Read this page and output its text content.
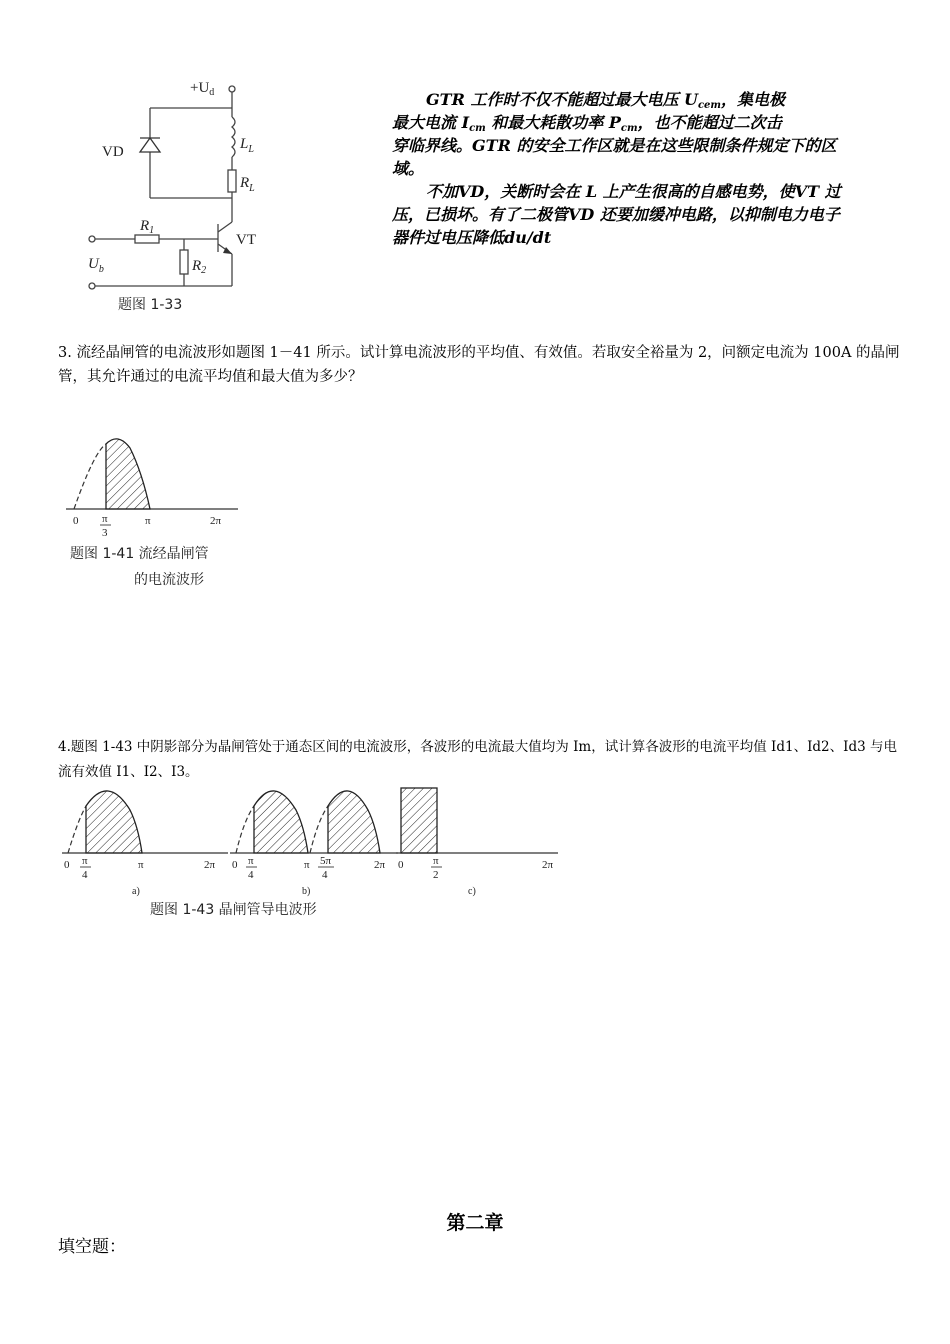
$+U_d$
VD	$L_L$
$R_L$
$R_1$
$R_2$
VT
$U_b$
题图 1-33

GTR 工作时不仅不能超过最大电压 $U_{cem}$，集电极

最大电流 $I_{cm}$ 和最大耗散功率 $P_{cm}$，也不能超过二次击

穿临界线。GTR 的安全工作区就是在这些限制条件规定下的区域。

不加VD，关断时会在 L 上产生很高的自感电势，使VT 过压，已损坏。有了二极管VD 还要加缓冲电路，以抑制电力电子器件过电压降低du/dt

3. 流经晶闸管的电流波形如题图 1－41 所示。试计算电流波形的平均值、有效值。若取安全裕量为 2，问额定电流为 100A 的晶闸管，其允许通过的电流平均值和最大值为多少？
0 π
3
π	2π
题图 1-41 流经晶闸管
的电流波形
4.题图 1-43 中阴影部分为晶闸管处于通态区间的电流波形，各波形的电流最大值均为 Im，试计算各波形的电流平均值 Id1、Id2、Id3 与电流有效值 I1、I2、I3。
0 π
4
π	2π
a)
0 π
4
π 5π
4
2π
b)
0	π
2
2π
c)
题图 1-43 晶闸管导电波形
第二章
填空题：
